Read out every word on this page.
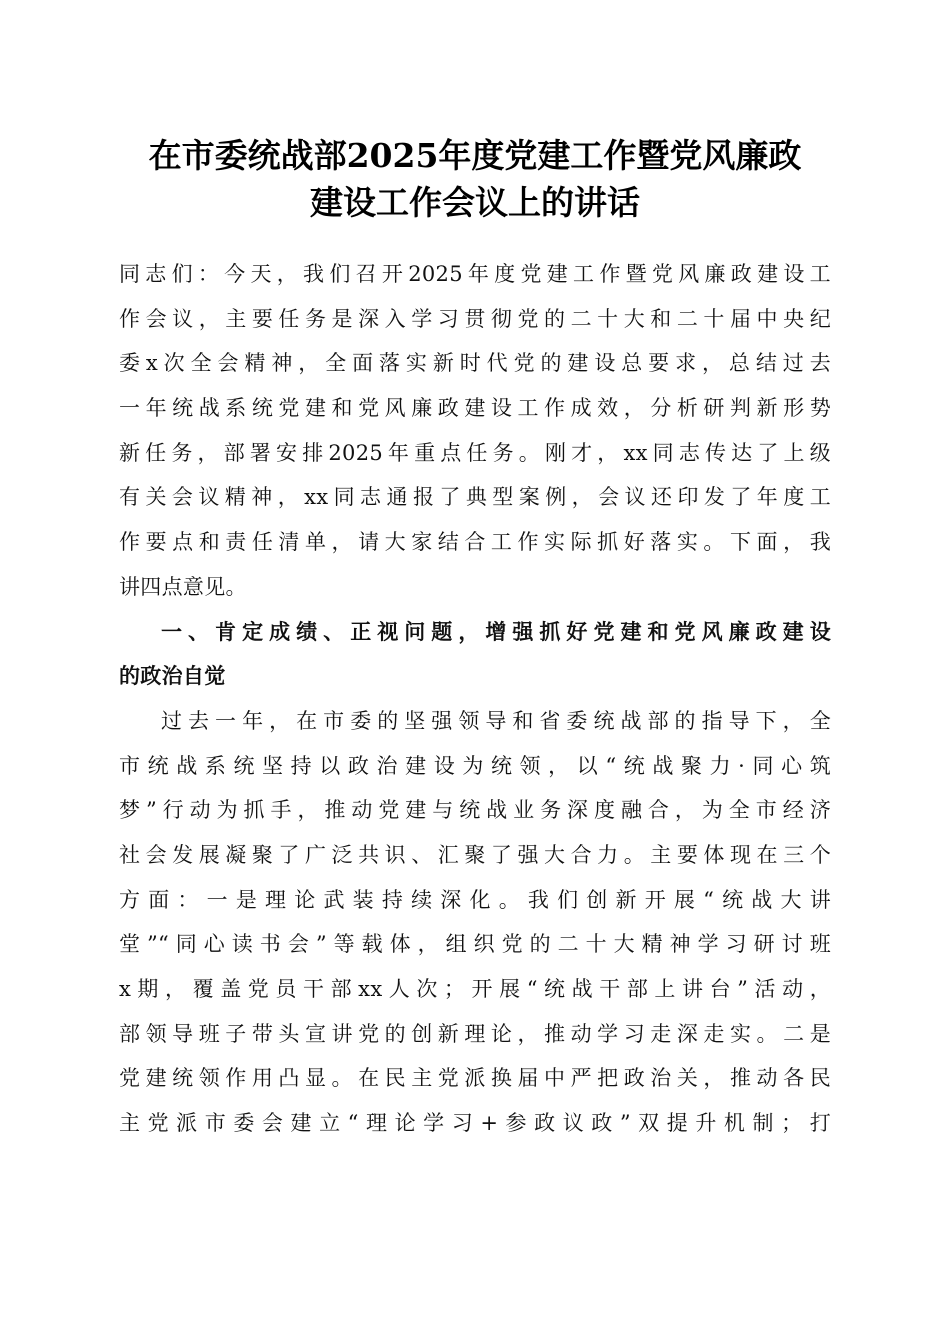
在市委统战部2025年度党建工作暨党风廉政
建设工作会议上的讲话
同志们：今天，我们召开2025年度党建工作暨党风廉政建设工
作会议，主要任务是深入学习贯彻党的二十大和二十届中央纪
委x次全会精神，全面落实新时代党的建设总要求，总结过去
一年统战系统党建和党风廉政建设工作成效，分析研判新形势
新任务，部署安排2025年重点任务。刚才，xx同志传达了上级
有关会议精神，xx同志通报了典型案例，会议还印发了年度工
作要点和责任清单，请大家结合工作实际抓好落实。下面，我
讲四点意见。
一、肯定成绩、正视问题，增强抓好党建和党风廉政建设
的政治自觉
过去一年，在市委的坚强领导和省委统战部的指导下，全
市统战系统坚持以政治建设为统领，以“统战聚力·同心筑
梦”行动为抓手，推动党建与统战业务深度融合，为全市经济
社会发展凝聚了广泛共识、汇聚了强大合力。主要体现在三个
方面：一是理论武装持续深化。我们创新开展“统战大讲
堂”“同心读书会”等载体，组织党的二十大精神学习研讨班
x期，覆盖党员干部xx人次；开展“统战干部上讲台”活动，
部领导班子带头宣讲党的创新理论，推动学习走深走实。二是
党建统领作用凸显。在民主党派换届中严把政治关，推动各民
主党派市委会建立“理论学习+参政议政”双提升机制；打
